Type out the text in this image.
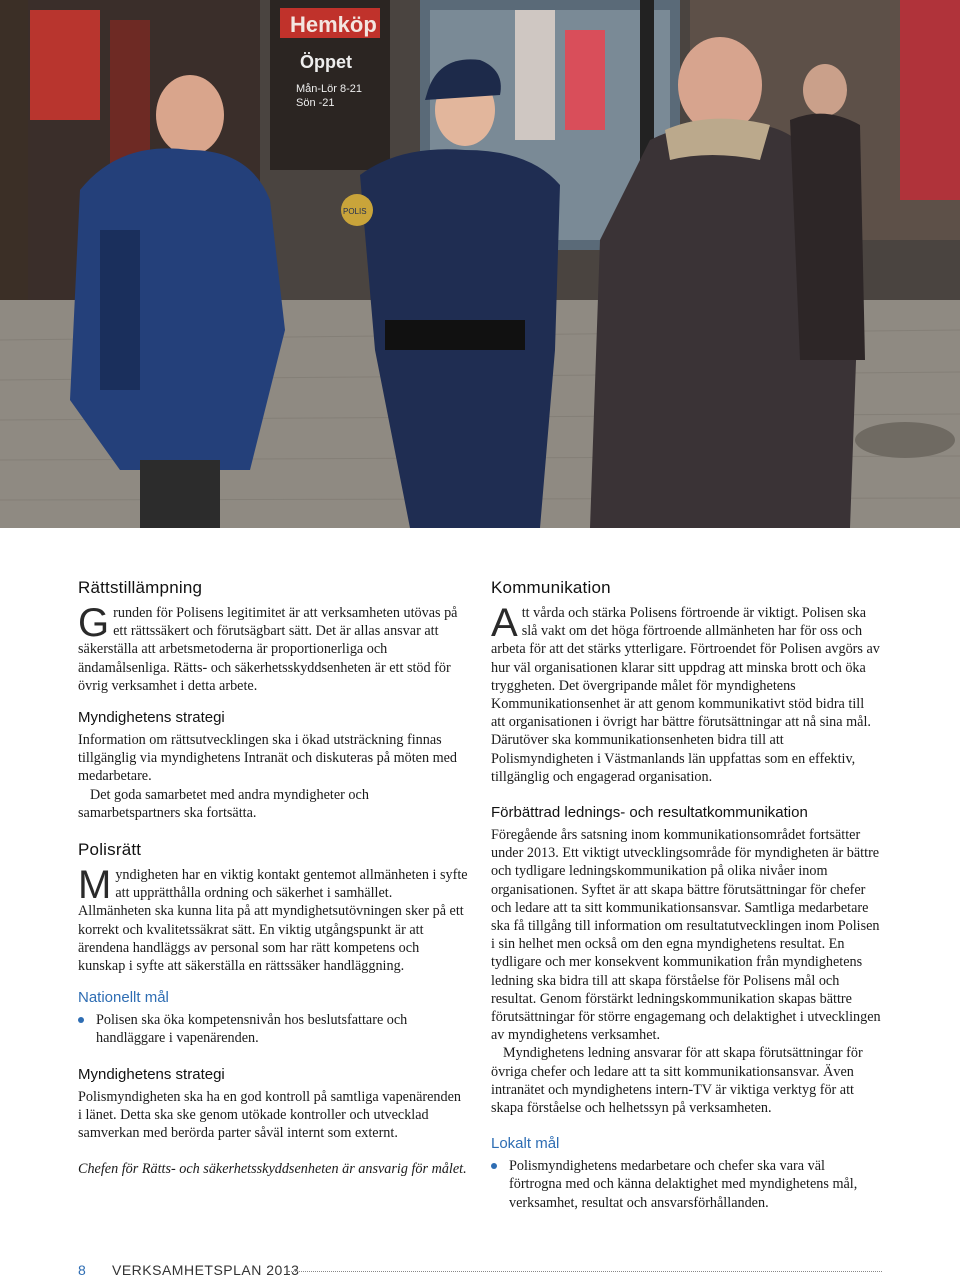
Hemköp
Öppet
Mån-Lör 8-21
Sön -21
POLIS
Rättstillämpning

Grunden för Polisens legitimitet är att verksamheten utövas på ett rättssäkert och förutsägbart sätt. Det är allas ansvar att säkerställa att arbetsmetoderna är proportionerliga och ändamålsenliga. Rätts- och säkerhetsskyddsenheten är ett stöd för övrig verksamhet i detta arbete.

Myndighetens strategi

Information om rättsutvecklingen ska i ökad utsträckning finnas tillgänglig via myndighetens Intranät och diskuteras på möten med medarbetare.

Det goda samarbetet med andra myndigheter och samarbetspartners ska fortsätta.

Polisrätt

Myndigheten har en viktig kontakt gentemot allmänheten i syfte att upprätthålla ordning och säkerhet i samhället. Allmänheten ska kunna lita på att myndighetsutövningen sker på ett korrekt och kvalitetssäkrat sätt. En viktig utgångspunkt är att ärendena handläggs av personal som har rätt kompetens och kunskap i syfte att säkerställa en rättssäker handläggning.

Nationellt mål
Polisen ska öka kompetensnivån hos beslutsfattare och handläggare i vapenärenden.
Myndighetens strategi

Polismyndigheten ska ha en god kontroll på samtliga vapenärenden i länet. Detta ska ske genom utökade kontroller och utvecklad samverkan med berörda parter såväl internt som externt.

Chefen för Rätts- och säkerhetsskyddsenheten är ansvarig för målet.

Kommunikation

Att vårda och stärka Polisens förtroende är viktigt. Polisen ska slå vakt om det höga förtroende allmänheten har för oss och arbeta för att det stärks ytterligare. Förtroendet för Polisen avgörs av hur väl organisationen klarar sitt uppdrag att minska brott och öka tryggheten. Det övergripande målet för myndighetens Kommunikationsenhet är att genom kommunikativt stöd bidra till att organisationen i övrigt har bättre förutsättningar att nå sina mål. Därutöver ska kommunikationsenheten bidra till att Polismyndigheten i Västmanlands län uppfattas som en effektiv, tillgänglig och engagerad organisation.

Förbättrad lednings- och resultatkommunikation

Föregående års satsning inom kommunikationsområdet fortsätter under 2013. Ett viktigt utvecklingsområde för myndigheten är bättre och tydligare ledningskommunikation på olika nivåer inom organisationen. Syftet är att skapa bättre förutsättningar för chefer och ledare att ta sitt kommunikationsansvar. Samtliga medarbetare ska få tillgång till information om resultatutvecklingen inom Polisen i sin helhet men också om den egna myndighetens resultat. En tydligare och mer konsekvent kommunikation från myndighetens ledning ska bidra till att skapa förståelse för Polisens mål och resultat. Genom förstärkt ledningskommunikation skapas bättre förutsättningar för större engagemang och delaktighet i utvecklingen av myndighetens verksamhet.

Myndighetens ledning ansvarar för att skapa förutsättningar för övriga chefer och ledare att ta sitt kommunikationsansvar. Även intranätet och myndighetens intern-TV är viktiga verktyg för att skapa förståelse och helhetssyn på verksamheten.

Lokalt mål
Polismyndighetens medarbetare och chefer ska vara väl förtrogna med och känna delaktighet med myndighetens mål, verksamhet, resultat och ansvarsförhållanden.
8 VERKSAMHETSPLAN 2013
